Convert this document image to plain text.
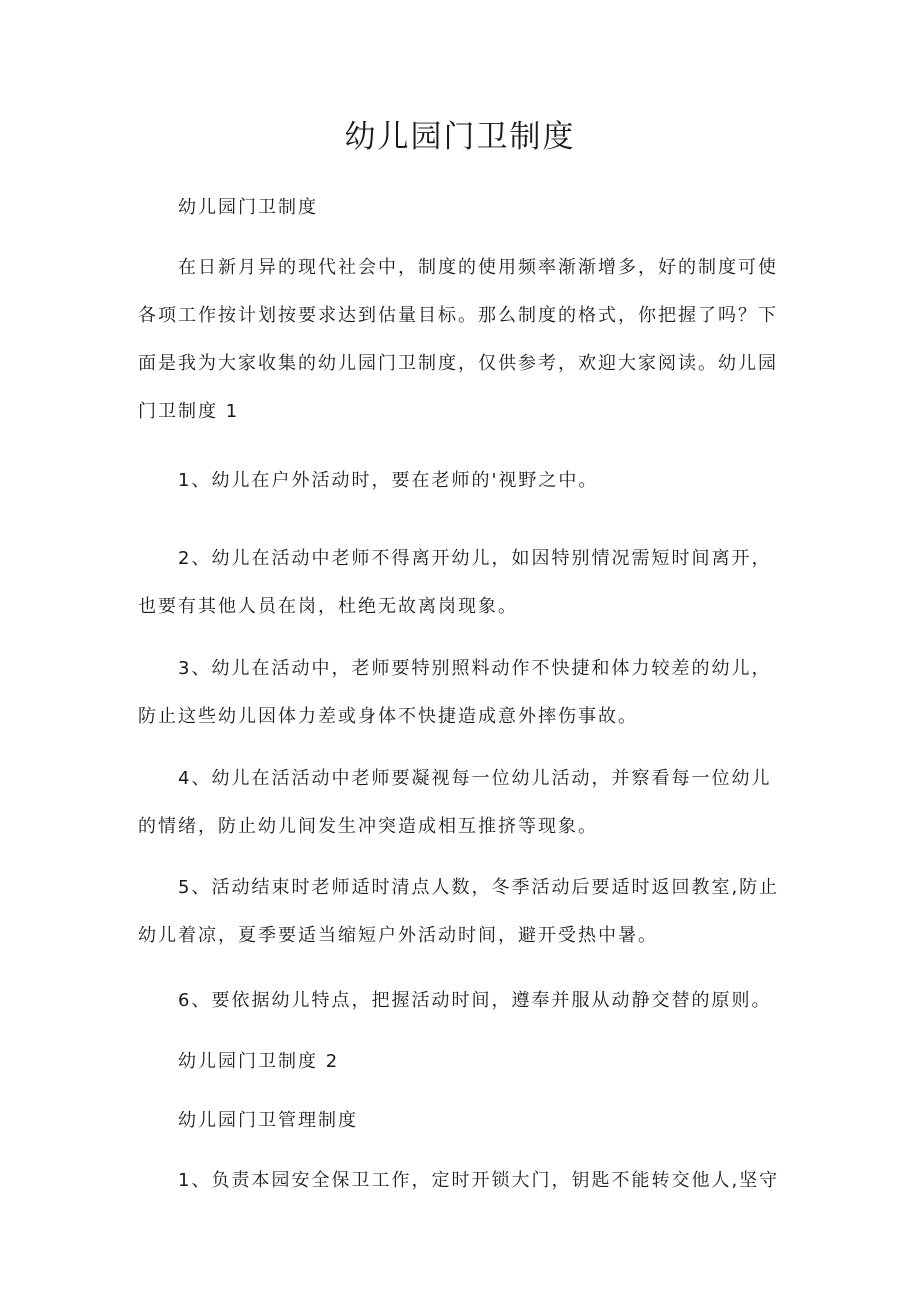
幼儿园门卫制度

幼儿园门卫制度

在日新月异的现代社会中，制度的使用频率渐渐增多，好的制度可使各项工作按计划按要求达到估量目标。那么制度的格式，你把握了吗？下面是我为大家收集的幼儿园门卫制度，仅供参考，欢迎大家阅读。幼儿园门卫制度 1

1、幼儿在户外活动时，要在老师的'视野之中。

2、幼儿在活动中老师不得离开幼儿，如因特别情况需短时间离开，也要有其他人员在岗，杜绝无故离岗现象。

3、幼儿在活动中，老师要特别照料动作不快捷和体力较差的幼儿，防止这些幼儿因体力差或身体不快捷造成意外摔伤事故。

4、幼儿在活活动中老师要凝视每一位幼儿活动，并察看每一位幼儿的情绪，防止幼儿间发生冲突造成相互推挤等现象。

5、活动结束时老师适时清点人数，冬季活动后要适时返回教室,防止幼儿着凉，夏季要适当缩短户外活动时间，避开受热中暑。

6、要依据幼儿特点，把握活动时间，遵奉并服从动静交替的原则。

幼儿园门卫制度 2

幼儿园门卫管理制度

1、负责本园安全保卫工作，定时开锁大门，钥匙不能转交他人,坚守
